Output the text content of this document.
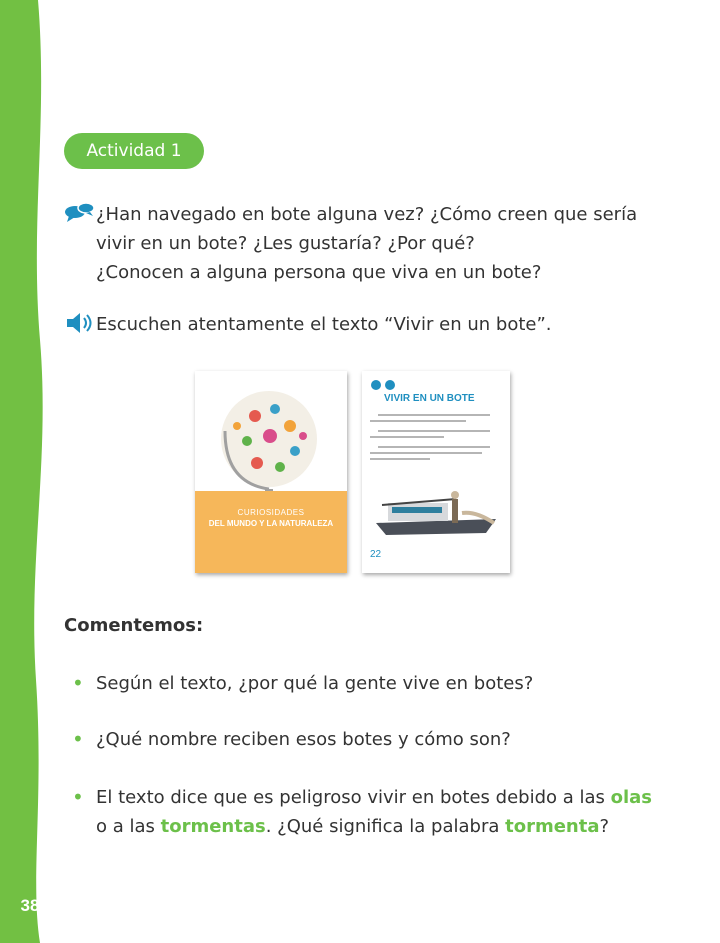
38
Actividad 1
¿Han navegado en bote alguna vez? ¿Cómo creen que sería
vivir en un bote? ¿Les gustaría? ¿Por qué?
¿Conocen a alguna persona que viva en un bote?
Escuchen atentamente el texto “Vivir en un bote”.
CURIOSIDADES
DEL MUNDO Y LA NATURALEZA
VIVIR EN UN BOTE
22
Comentemos:
• Según el texto, ¿por qué la gente vive en botes?
• ¿Qué nombre reciben esos botes y cómo son?
• El texto dice que es peligroso vivir en botes debido a las olas
o a las tormentas. ¿Qué significa la palabra tormenta?
